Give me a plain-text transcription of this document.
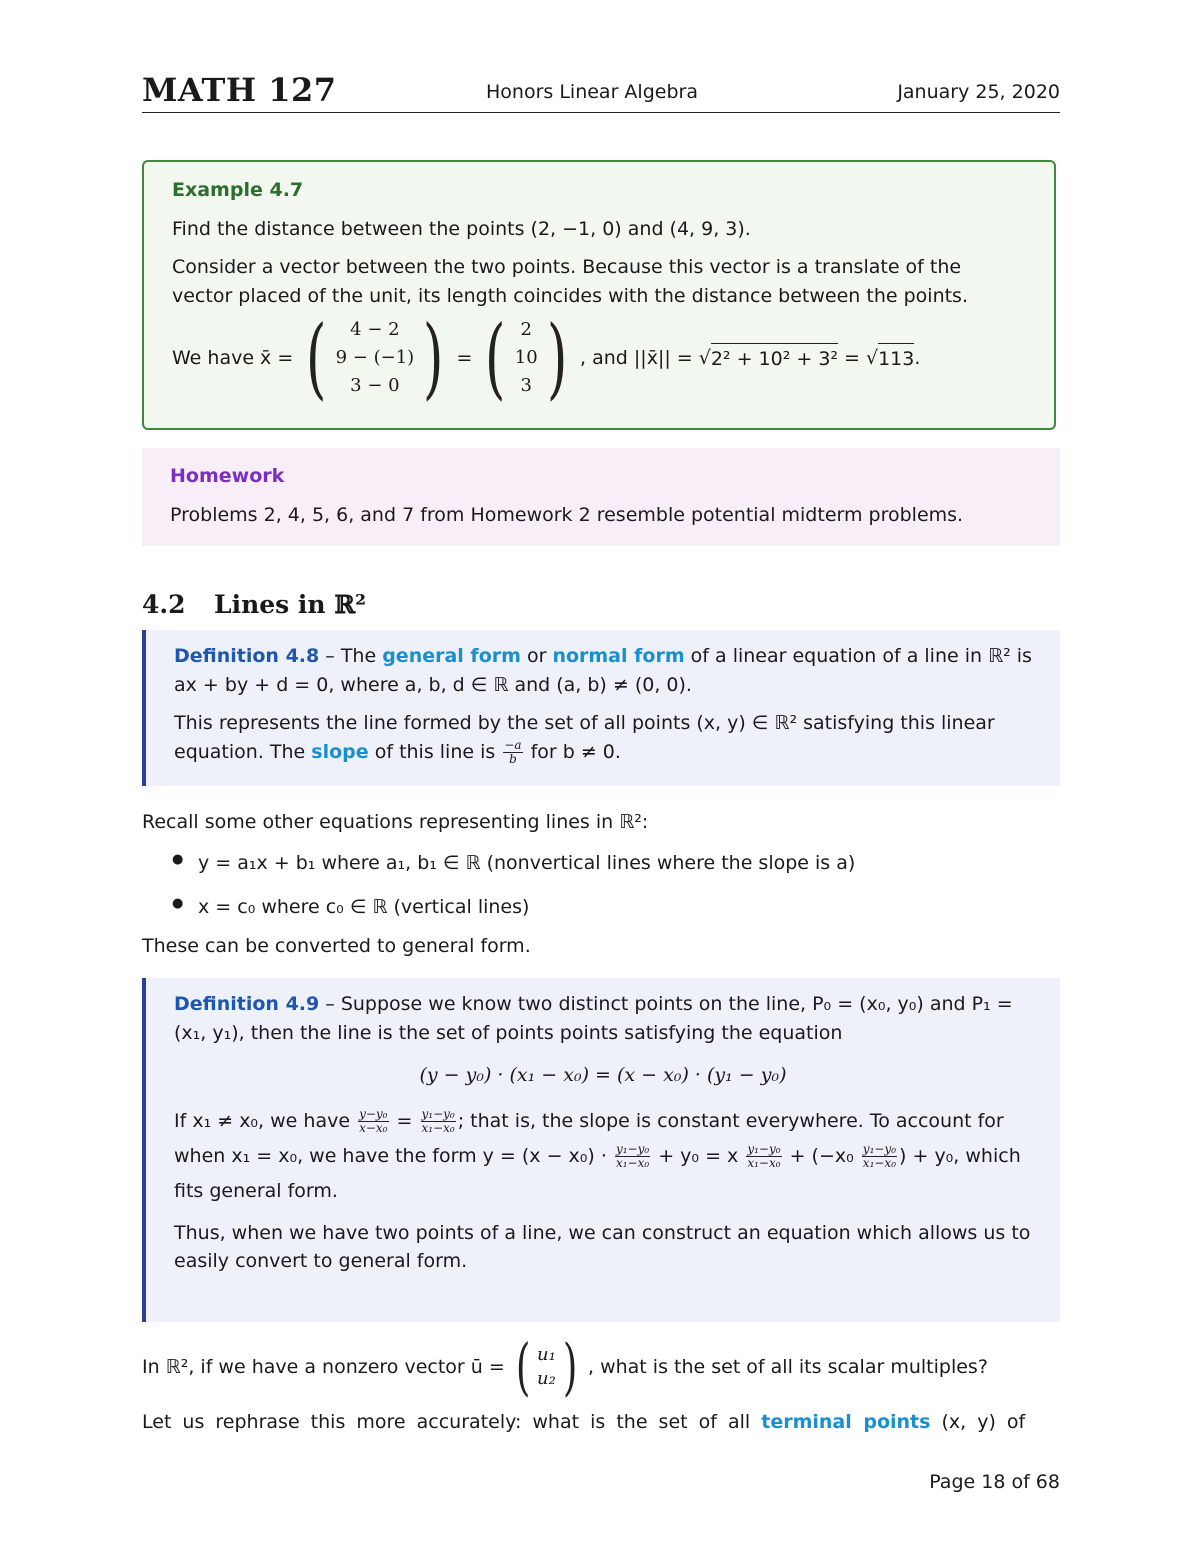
MATH 127	Honors Linear Algebra	January 25, 2020
Example 4.7

Find the distance between the points (2, −1, 0) and (4, 9, 3).

Consider a vector between the two points. Because this vector is a translate of the vector placed of the unit, its length coincides with the distance between the points.

We have x̄ = ( 4 − 2
9 − (−1)
3 − 0 ) = ( 2
10
3 ) , and ||x̄|| = √ 2² + 10² + 3² = √ 113 .
Homework

Problems 2, 4, 5, 6, and 7 from Homework 2 resemble potential midterm problems.

4.2 Lines in ℝ²

Definition 4.8 – The general form or normal form of a linear equation of a line in ℝ² is ax + by + d = 0, where a, b, d ∈ ℝ and (a, b) ≠ (0, 0).

This represents the line formed by the set of all points (x, y) ∈ ℝ² satisfying this linear equation. The slope of this line is $\frac{-a}{b}$ for b ≠ 0.

Recall some other equations representing lines in ℝ²:

● y = a₁x + b₁ where a₁, b₁ ∈ ℝ (nonvertical lines where the slope is a)
● x = c₀ where c₀ ∈ ℝ (vertical lines)

These can be converted to general form.

Definition 4.9 – Suppose we know two distinct points on the line, P₀ = (x₀, y₀) and P₁ = (x₁, y₁), then the line is the set of points points satisfying the equation

(y − y₀) · (x₁ − x₀) = (x − x₀) · (y₁ − y₀)

If x₁ ≠ x₀, we have $\frac{\text{y−y₀}}{\text{x−x₀}} = \frac{\text{y₁−y₀}}{\text{x₁−x₀}}$ ; that is, the slope is constant everywhere. To account for when x₁ = x₀, we have the form $y = (x - x_0) \cdot \frac{\text{y₁−y₀}}{\text{x₁−x₀}} + y_0 = x \frac{\text{y₁−y₀}}{\text{x₁−x₀}} + (-x_0 \frac{\text{y₁−y₀}}{\text{x₁−x₀}}$ ) + y₀, which fits general form.

Thus, when we have two points of a line, we can construct an equation which allows us to easily convert to general form.

In ℝ², if we have a nonzero vector ū = ( u₁
u₂ ) , what is the set of all its scalar multiples?

Let us rephrase this more accurately: what is the set of all terminal points (x, y) of

Page 18 of 68
